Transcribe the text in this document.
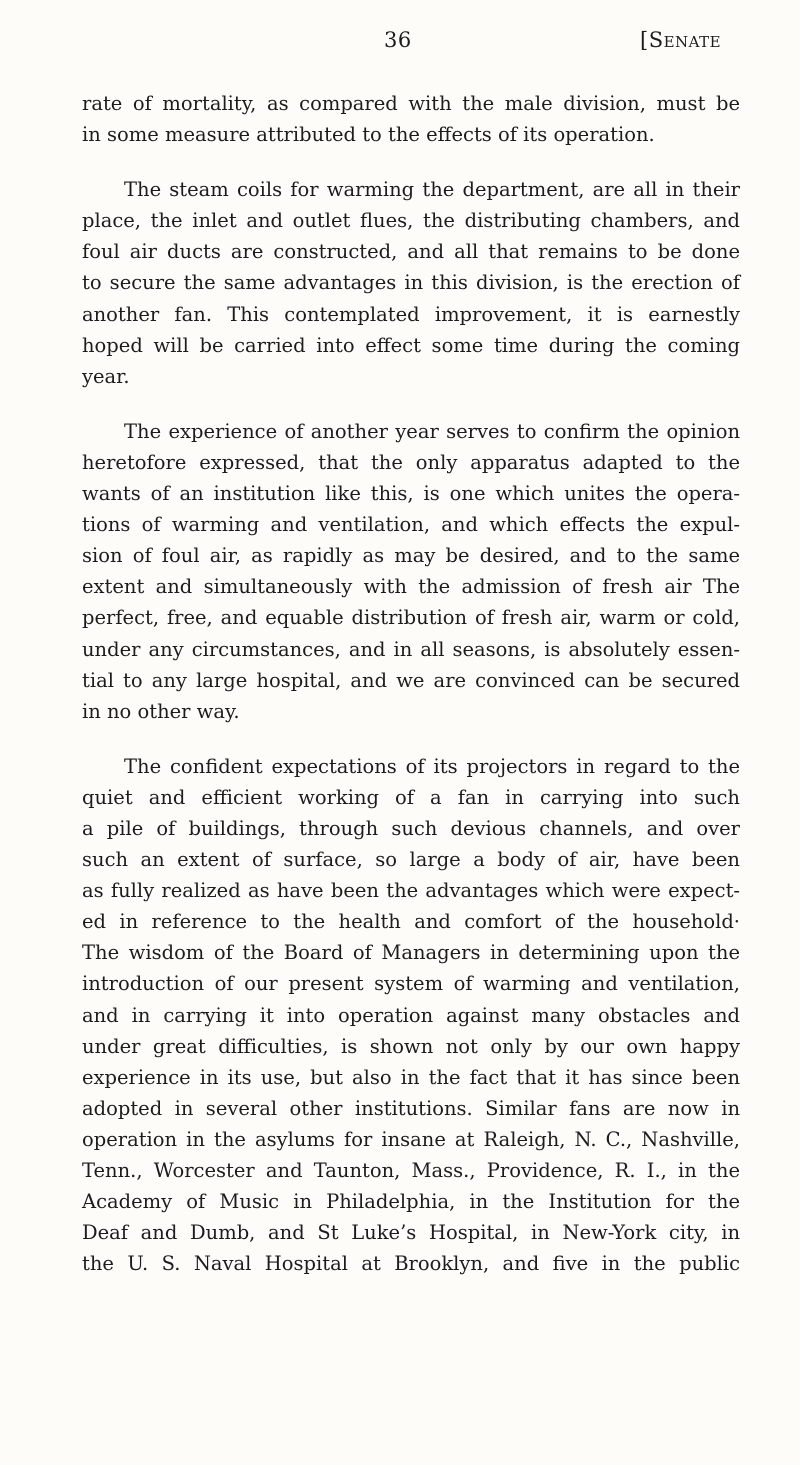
36	[Senate

rate of mortality, as compared with the male division, must be
in some measure attributed to the effects of its operation.

The steam coils for warming the department, are all in their
place, the inlet and outlet flues, the distributing chambers, and
foul air ducts are constructed, and all that remains to be done
to secure the same advantages in this division, is the erection of
another fan. This contemplated improvement, it is earnestly
hoped will be carried into effect some time during the coming
year.

The experience of another year serves to confirm the opinion
heretofore expressed, that the only apparatus adapted to the
wants of an institution like this, is one which unites the opera-
tions of warming and ventilation, and which effects the expul-
sion of foul air, as rapidly as may be desired, and to the same
extent and simultaneously with the admission of fresh air The
perfect, free, and equable distribution of fresh air, warm or cold,
under any circumstances, and in all seasons, is absolutely essen-
tial to any large hospital, and we are convinced can be secured
in no other way.

The confident expectations of its projectors in regard to the
quiet and efficient working of a fan in carrying into such
a pile of buildings, through such devious channels, and over
such an extent of surface, so large a body of air, have been
as fully realized as have been the advantages which were expect-
ed in reference to the health and comfort of the household·
The wisdom of the Board of Managers in determining upon the
introduction of our present system of warming and ventilation,
and in carrying it into operation against many obstacles and
under great difficulties, is shown not only by our own happy
experience in its use, but also in the fact that it has since been
adopted in several other institutions. Similar fans are now in
operation in the asylums for insane at Raleigh, N. C., Nashville,
Tenn., Worcester and Taunton, Mass., Providence, R. I., in the
Academy of Music in Philadelphia, in the Institution for the
Deaf and Dumb, and St Luke’s Hospital, in New-York city, in
the U. S. Naval Hospital at Brooklyn, and five in the public
